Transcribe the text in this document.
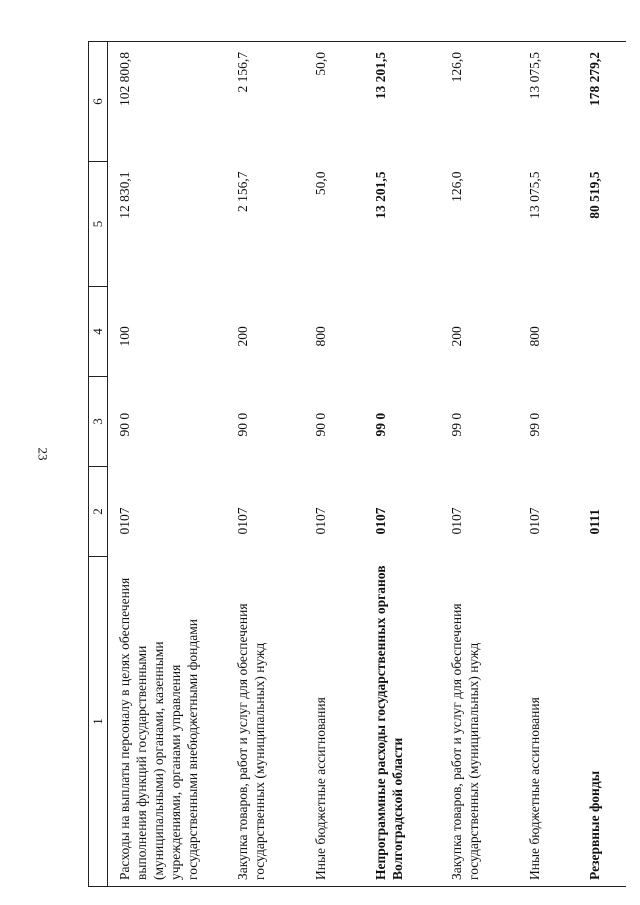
23
1	2	3	4	5	6
Расходы на выплаты персоналу в целях обеспечения выполнения функций государственными (муниципальными) органами, казенными учреждениями, органами управления государственными внебюджетными фондами	0107	90 0	100	12 830,1	102 800,8
Закупка товаров, работ и услуг для обеспечения государственных (муниципальных) нужд	0107	90 0	200	2 156,7	2 156,7
Иные бюджетные ассигнования	0107	90 0	800	50,0	50,0
Непрограммные расходы государственных органов Волгоградской области	0107	99 0		13 201,5	13 201,5
Закупка товаров, работ и услуг для обеспечения государственных (муниципальных) нужд	0107	99 0	200	126,0	126,0
Иные бюджетные ассигнования	0107	99 0	800	13 075,5	13 075,5
Резервные фонды	0111			80 519,5	178 279,2
